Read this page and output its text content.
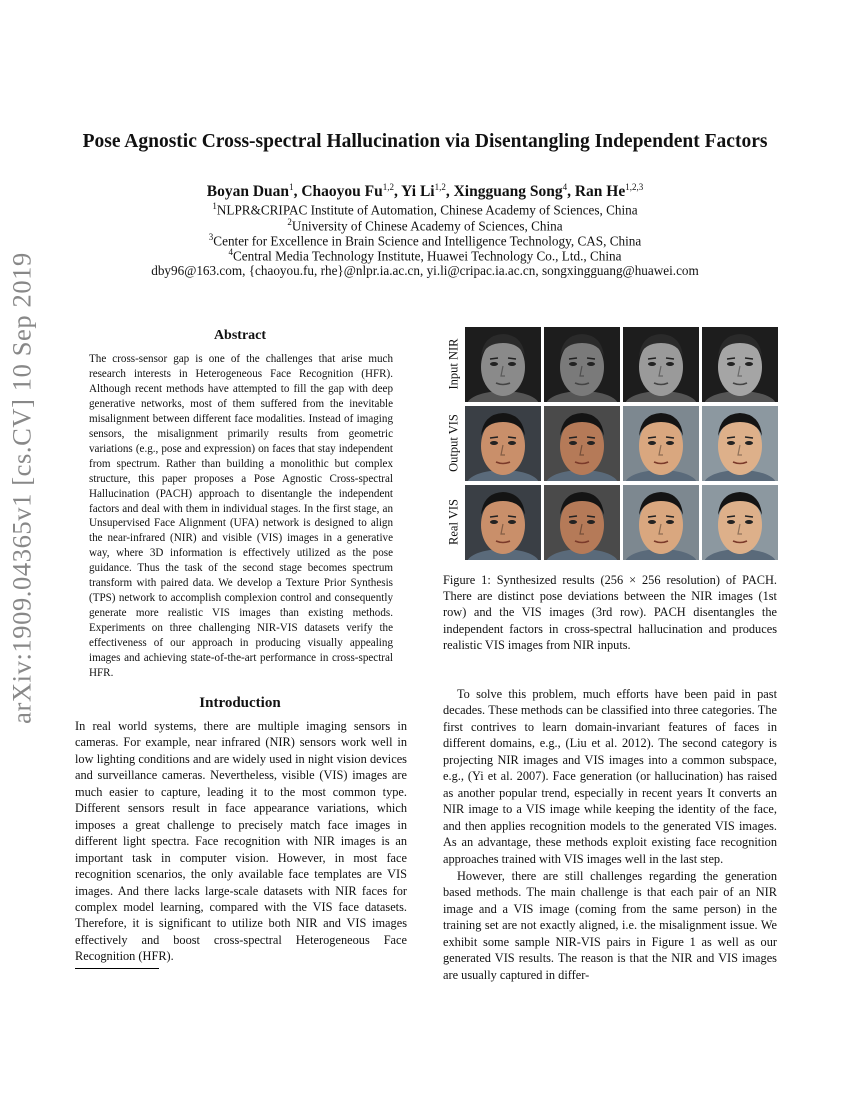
Pose Agnostic Cross-spectral Hallucination via Disentangling Independent Factors
Boyan Duan$^1$, Chaoyou Fu$^{1,2}$, Yi Li$^{1,2}$, Xingguang Song$^4$, Ran He$^{1,2,3}$
$^1$NLPR&CRIPAC Institute of Automation, Chinese Academy of Sciences, China
$^2$University of Chinese Academy of Sciences, China
$^3$Center for Excellence in Brain Science and Intelligence Technology, CAS, China
$^4$Central Media Technology Institute, Huawei Technology Co., Ltd., China
dby96@163.com, {chaoyou.fu, rhe}@nlpr.ia.ac.cn, yi.li@cripac.ia.ac.cn, songxingguang@huawei.com
arXiv:1909.04365v1 [cs.CV] 10 Sep 2019	Abstract
The cross-sensor gap is one of the challenges that arise much research interests in Heterogeneous Face Recognition (HFR). Although recent methods have attempted to fill the gap with deep generative networks, most of them suffered from the inevitable misalignment between different face modalities. Instead of imaging sensors, the misalignment primarily results from geometric variations (e.g., pose and expression) on faces that stay independent from spectrum. Rather than building a monolithic but complex structure, this paper proposes a Pose Agnostic Cross-spectral Hallucination (PACH) approach to disentangle the independent factors and deal with them in individual stages. In the first stage, an Unsupervised Face Alignment (UFA) network is designed to align the near-infrared (NIR) and visible (VIS) images in a generative way, where 3D information is effectively utilized as the pose guidance. Thus the task of the second stage becomes spectrum transform with paired data. We develop a Texture Prior Synthesis (TPS) network to accomplish complexion control and consequently generate more realistic VIS images than existing methods. Experiments on three challenging NIR-VIS datasets verify the effectiveness of our approach in producing visually appealing images and achieving state-of-the-art performance in cross-spectral HFR.
Introduction
In real world systems, there are multiple imaging sensors in cameras. For example, near infrared (NIR) sensors work well in low lighting conditions and are widely used in night vision devices and surveillance cameras. Nevertheless, visible (VIS) images are much easier to capture, leading it to the most common type. Different sensors result in face appearance variations, which imposes a great challenge to precisely match face images in different light spectra. Face recognition with NIR images is an important task in computer vision. However, in most face recognition scenarios, the only available face templates are VIS images. And there lacks large-scale datasets with NIR faces for complex model learning, compared with the VIS face datasets. Therefore, it is significant to utilize both NIR and VIS images effectively and boost cross-spectral Heterogeneous Face Recognition (HFR).
Input NIR
Output VIS
Real VIS
Figure 1: Synthesized results (256 × 256 resolution) of PACH. There are distinct pose deviations between the NIR images (1st row) and the VIS images (3rd row). PACH disentangles the independent factors in cross-spectral hallucination and produces realistic VIS images from NIR inputs.

To solve this problem, much efforts have been paid in past decades. These methods can be classified into three categories. The first contrives to learn domain-invariant features of faces in different domains, e.g., (Liu et al. 2012). The second category is projecting NIR images and VIS images into a common subspace, e.g., (Yi et al. 2007). Face generation (or hallucination) has raised as another popular trend, especially in recent years It converts an NIR image to a VIS image while keeping the identity of the face, and then applies recognition models to the generated VIS images. As an advantage, these methods exploit existing face recognition approaches trained with VIS images well in the last step.

However, there are still challenges regarding the generation based methods. The main challenge is that each pair of an NIR image and a VIS image (coming from the same person) in the training set are not exactly aligned, i.e. the misalignment issue. We exhibit some sample NIR-VIS pairs in Figure 1 as well as our generated VIS results. The reason is that the NIR and VIS images are usually captured in differ-
